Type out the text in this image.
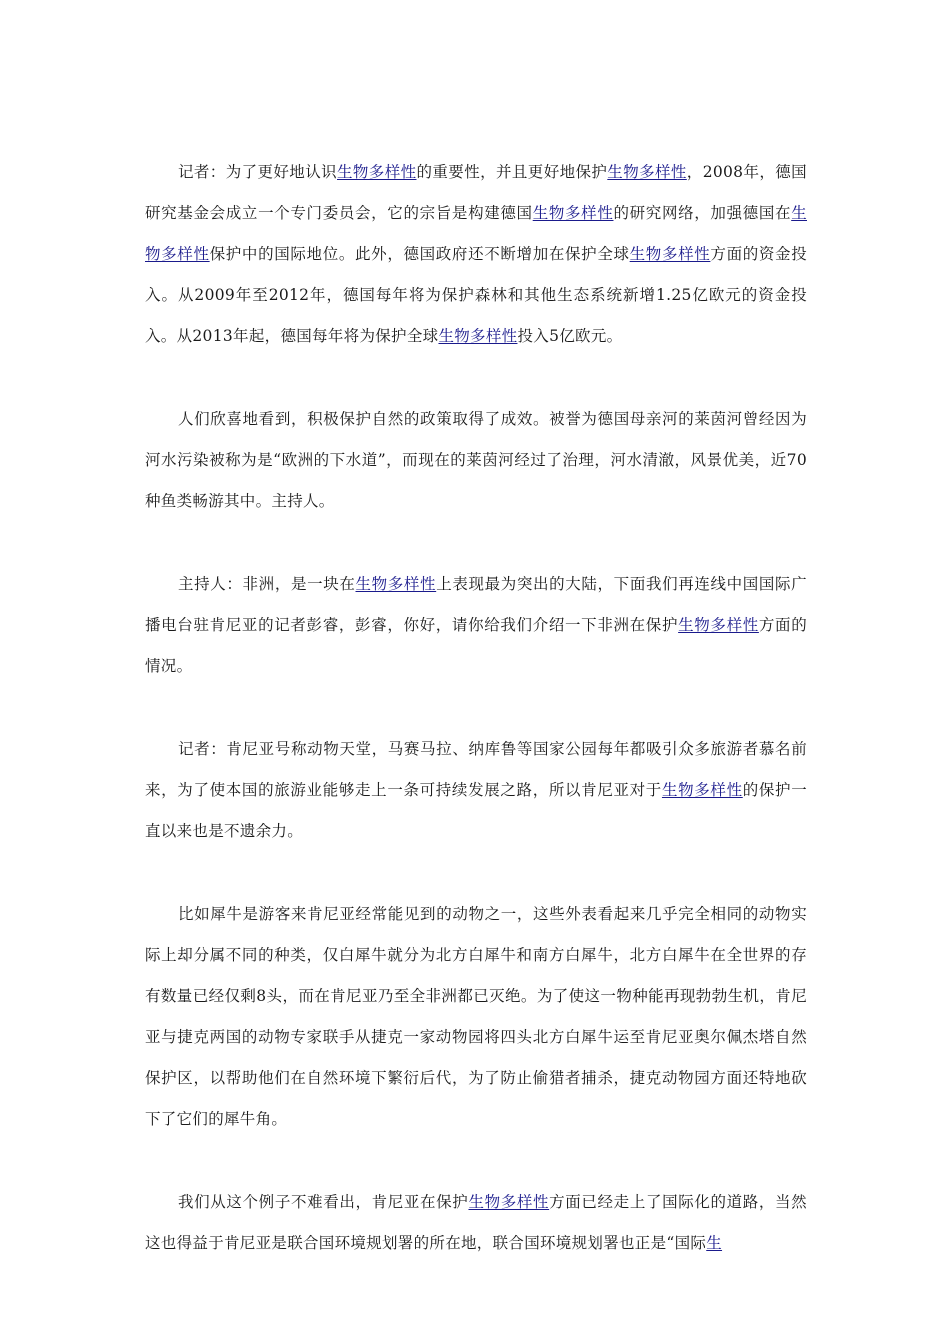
记者：为了更好地认识生物多样性的重要性，并且更好地保护生物多样性，2008年，德国研究基金会成立一个专门委员会，它的宗旨是构建德国生物多样性的研究网络，加强德国在生物多样性保护中的国际地位。此外，德国政府还不断增加在保护全球生物多样性方面的资金投入。从2009年至2012年，德国每年将为保护森林和其他生态系统新增1.25亿欧元的资金投入。从2013年起，德国每年将为保护全球生物多样性投入5亿欧元。

人们欣喜地看到，积极保护自然的政策取得了成效。被誉为德国母亲河的莱茵河曾经因为河水污染被称为是“欧洲的下水道”，而现在的莱茵河经过了治理，河水清澈，风景优美，近70种鱼类畅游其中。主持人。

主持人：非洲，是一块在生物多样性上表现最为突出的大陆，下面我们再连线中国国际广播电台驻肯尼亚的记者彭睿，彭睿，你好，请你给我们介绍一下非洲在保护生物多样性方面的情况。

记者：肯尼亚号称动物天堂，马赛马拉、纳库鲁等国家公园每年都吸引众多旅游者慕名前来，为了使本国的旅游业能够走上一条可持续发展之路，所以肯尼亚对于生物多样性的保护一直以来也是不遗余力。

比如犀牛是游客来肯尼亚经常能见到的动物之一，这些外表看起来几乎完全相同的动物实际上却分属不同的种类，仅白犀牛就分为北方白犀牛和南方白犀牛，北方白犀牛在全世界的存有数量已经仅剩8头，而在肯尼亚乃至全非洲都已灭绝。为了使这一物种能再现勃勃生机，肯尼亚与捷克两国的动物专家联手从捷克一家动物园将四头北方白犀牛运至肯尼亚奥尔佩杰塔自然保护区，以帮助他们在自然环境下繁衍后代，为了防止偷猎者捕杀，捷克动物园方面还特地砍下了它们的犀牛角。

我们从这个例子不难看出，肯尼亚在保护生物多样性方面已经走上了国际化的道路，当然这也得益于肯尼亚是联合国环境规划署的所在地，联合国环境规划署也正是“国际生
